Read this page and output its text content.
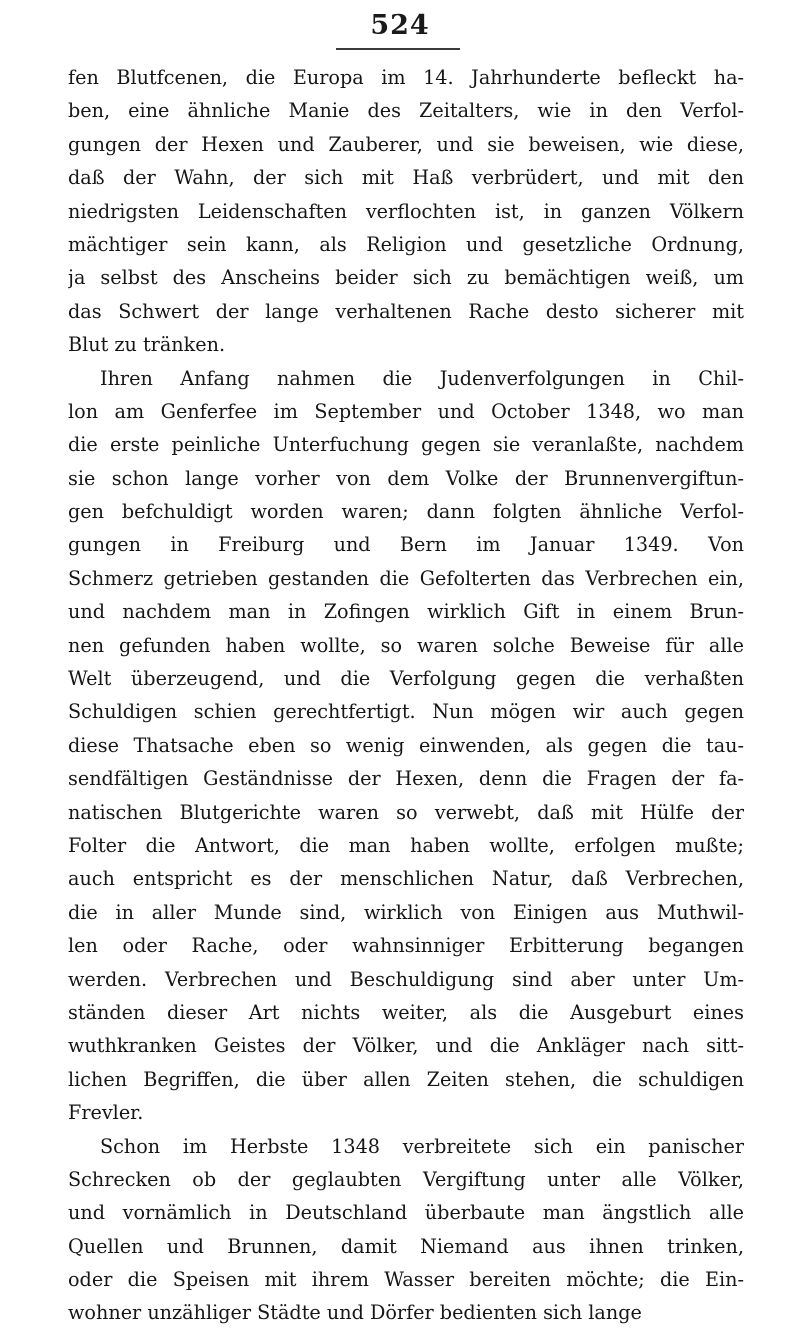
524
fen Blutfcenen, die Europa im 14. Jahrhunderte befleckt ha-
ben, eine ähnliche Manie des Zeitalters, wie in den Verfol-
gungen der Hexen und Zauberer, und sie beweisen, wie diese,
daß der Wahn, der sich mit Haß verbrüdert, und mit den
niedrigsten Leidenschaften verflochten ist, in ganzen Völkern
mächtiger sein kann, als Religion und gesetzliche Ordnung,
ja selbst des Anscheins beider sich zu bemächtigen weiß, um
das Schwert der lange verhaltenen Rache desto sicherer mit
Blut zu tränken.
Ihren Anfang nahmen die Judenverfolgungen in Chil-
lon am Genferfee im September und October 1348, wo man
die erste peinliche Unterfuchung gegen sie veranlaßte, nachdem
sie schon lange vorher von dem Volke der Brunnenvergiftun-
gen befchuldigt worden waren; dann folgten ähnliche Verfol-
gungen in Freiburg und Bern im Januar 1349. Von
Schmerz getrieben gestanden die Gefolterten das Verbrechen ein,
und nachdem man in Zofingen wirklich Gift in einem Brun-
nen gefunden haben wollte, so waren solche Beweise für alle
Welt überzeugend, und die Verfolgung gegen die verhaßten
Schuldigen schien gerechtfertigt. Nun mögen wir auch gegen
diese Thatsache eben so wenig einwenden, als gegen die tau-
sendfältigen Geständnisse der Hexen, denn die Fragen der fa-
natischen Blutgerichte waren so verwebt, daß mit Hülfe der
Folter die Antwort, die man haben wollte, erfolgen mußte;
auch entspricht es der menschlichen Natur, daß Verbrechen,
die in aller Munde sind, wirklich von Einigen aus Muthwil-
len oder Rache, oder wahnsinniger Erbitterung begangen
werden. Verbrechen und Beschuldigung sind aber unter Um-
ständen dieser Art nichts weiter, als die Ausgeburt eines
wuthkranken Geistes der Völker, und die Ankläger nach sitt-
lichen Begriffen, die über allen Zeiten stehen, die schuldigen
Frevler.
Schon im Herbste 1348 verbreitete sich ein panischer
Schrecken ob der geglaubten Vergiftung unter alle Völker,
und vornämlich in Deutschland überbaute man ängstlich alle
Quellen und Brunnen, damit Niemand aus ihnen trinken,
oder die Speisen mit ihrem Wasser bereiten möchte; die Ein-
wohner unzähliger Städte und Dörfer bedienten sich lange
